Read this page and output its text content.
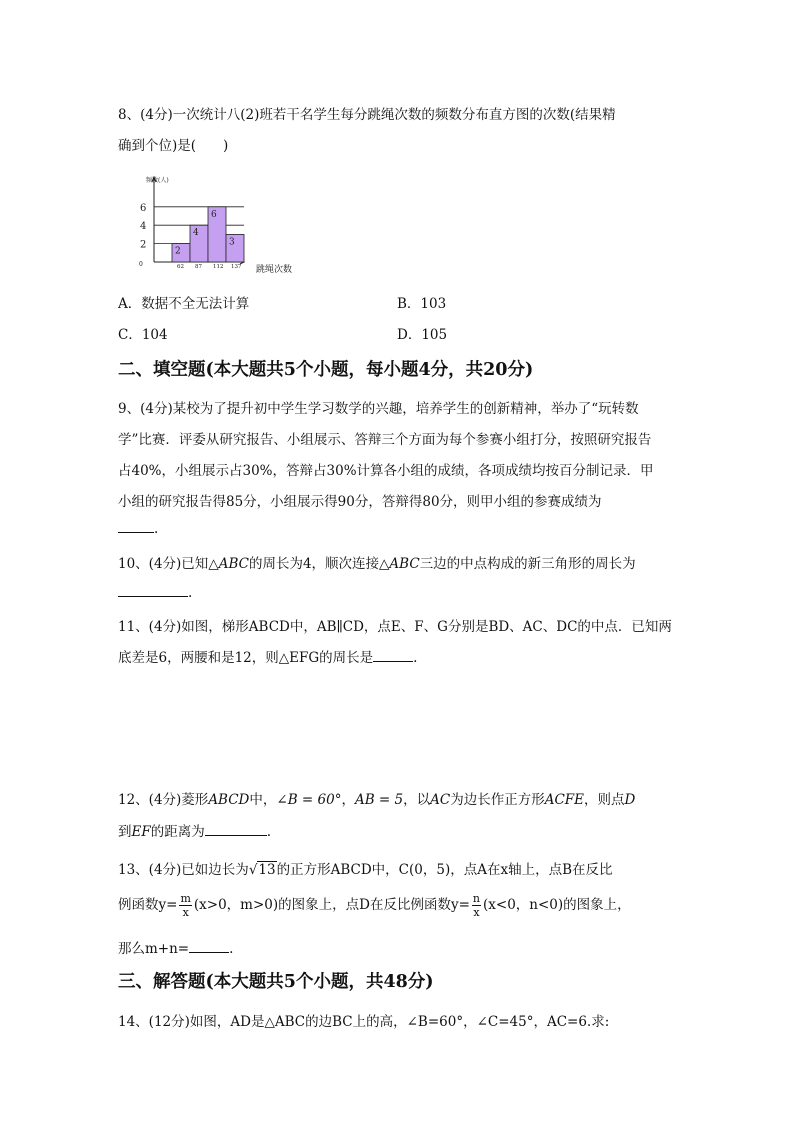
8、(4分)一次统计八(2)班若干名学生每分跳绳次数的频数分布直方图的次数(结果精
确到个位)是(　　)
0
2
4
6
频数(人)
2
62
4
87
6
112
3
137 跳绳次数
A．数据不全无法计算	B．103
C．104	D．105
二、填空题(本大题共5个小题，每小题4分，共20分)
9、(4分)某校为了提升初中学生学习数学的兴趣，培养学生的创新精神，举办了“玩转数
学”比赛．评委从研究报告、小组展示、答辩三个方面为每个参赛小组打分，按照研究报告
占40%，小组展示占30%，答辩占30%计算各小组的成绩，各项成绩均按百分制记录．甲
小组的研究报告得85分，小组展示得90分，答辩得80分，则甲小组的参赛成绩为
.
10、(4分)已知△ABC的周长为4，顺次连接△ABC三边的中点构成的新三角形的周长为
.
11、(4分)如图，梯形ABCD中，AB∥CD，点E、F、G分别是BD、AC、DC的中点．已知两
底差是6，两腰和是12，则△EFG的周长是	.
12、(4分)菱形ABCD中，∠B = 60°，AB = 5，以AC为边长作正方形ACFE，则点D
到EF的距离为	.
13、(4分)已如边长为√13的正方形ABCD中，C(0，5)，点A在x轴上，点B在反比
例函数$y= \frac{m}{x} (x>0$，m>0)的图象上，点D在反比例函数$y= \frac{n}{x} (x<0$，n<0)的图象上，
那么m+n=	.
三、解答题(本大题共5个小题，共48分)
14、(12分)如图，AD是△ABC的边BC上的高，∠B=60°，∠C=45°，AC=6.求:
